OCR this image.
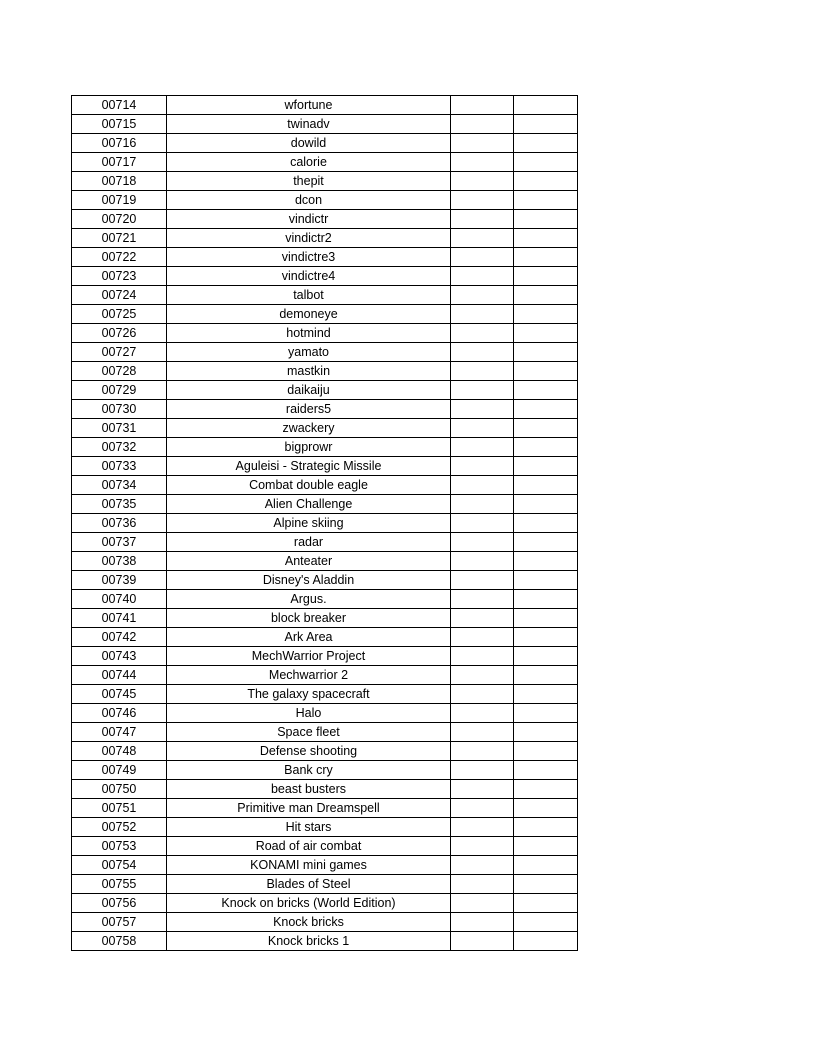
00714	wfortune		
00715	twinadv		
00716	dowild		
00717	calorie		
00718	thepit		
00719	dcon		
00720	vindictr		
00721	vindictr2		
00722	vindictre3		
00723	vindictre4		
00724	talbot		
00725	demoneye		
00726	hotmind		
00727	yamato		
00728	mastkin		
00729	daikaiju		
00730	raiders5		
00731	zwackery		
00732	bigprowr		
00733	Aguleisi - Strategic Missile		
00734	Combat double eagle		
00735	Alien Challenge		
00736	Alpine skiing		
00737	radar		
00738	Anteater		
00739	Disney's Aladdin		
00740	Argus.		
00741	block breaker		
00742	Ark Area		
00743	MechWarrior Project		
00744	Mechwarrior 2		
00745	The galaxy spacecraft		
00746	Halo		
00747	Space fleet		
00748	Defense shooting		
00749	Bank cry		
00750	beast busters		
00751	Primitive man Dreamspell		
00752	Hit stars		
00753	Road of air combat		
00754	KONAMI mini games		
00755	Blades of Steel		
00756	Knock on bricks (World Edition)		
00757	Knock bricks		
00758	Knock bricks 1		
